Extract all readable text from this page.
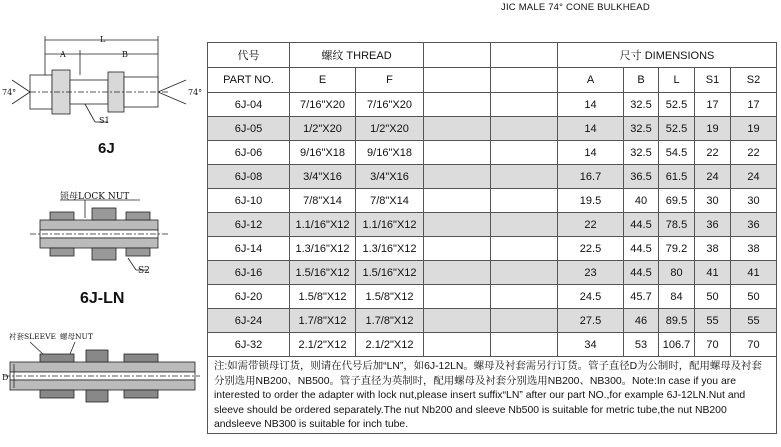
JIC MALE 74° CONE BULKHEAD
L
A	B
74°	74°
S1
6J
锁母LOCK NUT
S2
6J-LN
衬套SLEEVE 螺母NUT
D
代号	螺纹 THREAD				尺寸 DIMENSIONS				
PART NO.	E	F			A	B	L	S1	S2
6J-04	7/16"X20	7/16"X20			14	32.5	52.5	17	17
6J-05	1/2"X20	1/2"X20			14	32.5	52.5	19	19
6J-06	9/16"X18	9/16"X18			14	32.5	54.5	22	22
6J-08	3/4"X16	3/4"X16			16.7	36.5	61.5	24	24
6J-10	7/8"X14	7/8"X14			19.5	40	69.5	30	30
6J-12	1.1/16"X12	1.1/16"X12			22	44.5	78.5	36	36
6J-14	1.3/16"X12	1.3/16"X12			22.5	44.5	79.2	38	38
6J-16	1.5/16"X12	1.5/16"X12			23	44.5	80	41	41
6J-20	1.5/8"X12	1.5/8"X12			24.5	45.7	84	50	50
6J-24	1.7/8"X12	1.7/8"X12			27.5	46	89.5	55	55
6J-32	2.1/2"X12	2.1/2"X12			34	53	106.7	70	70
注:如需带锁母订货，则请在代号后加“LN”，如6J-12LN。螺母及衬套需另行订货。管子直径D为公制时，配用螺母及衬套分别选用NB200、NB500。管子直径为英制时，配用螺母及衬套分别选用NB200、NB300。Note:In case if you are interested to order the adapter with lock nut,please insert suffix“LN” after our part NO.,for example 6J-12LN.Nut and sleeve should be ordered separately.The nut Nb200 and sleeve Nb500 is suitable for metric tube,the nut NB200 andsleeve NB300 is suitable for inch tube.									
